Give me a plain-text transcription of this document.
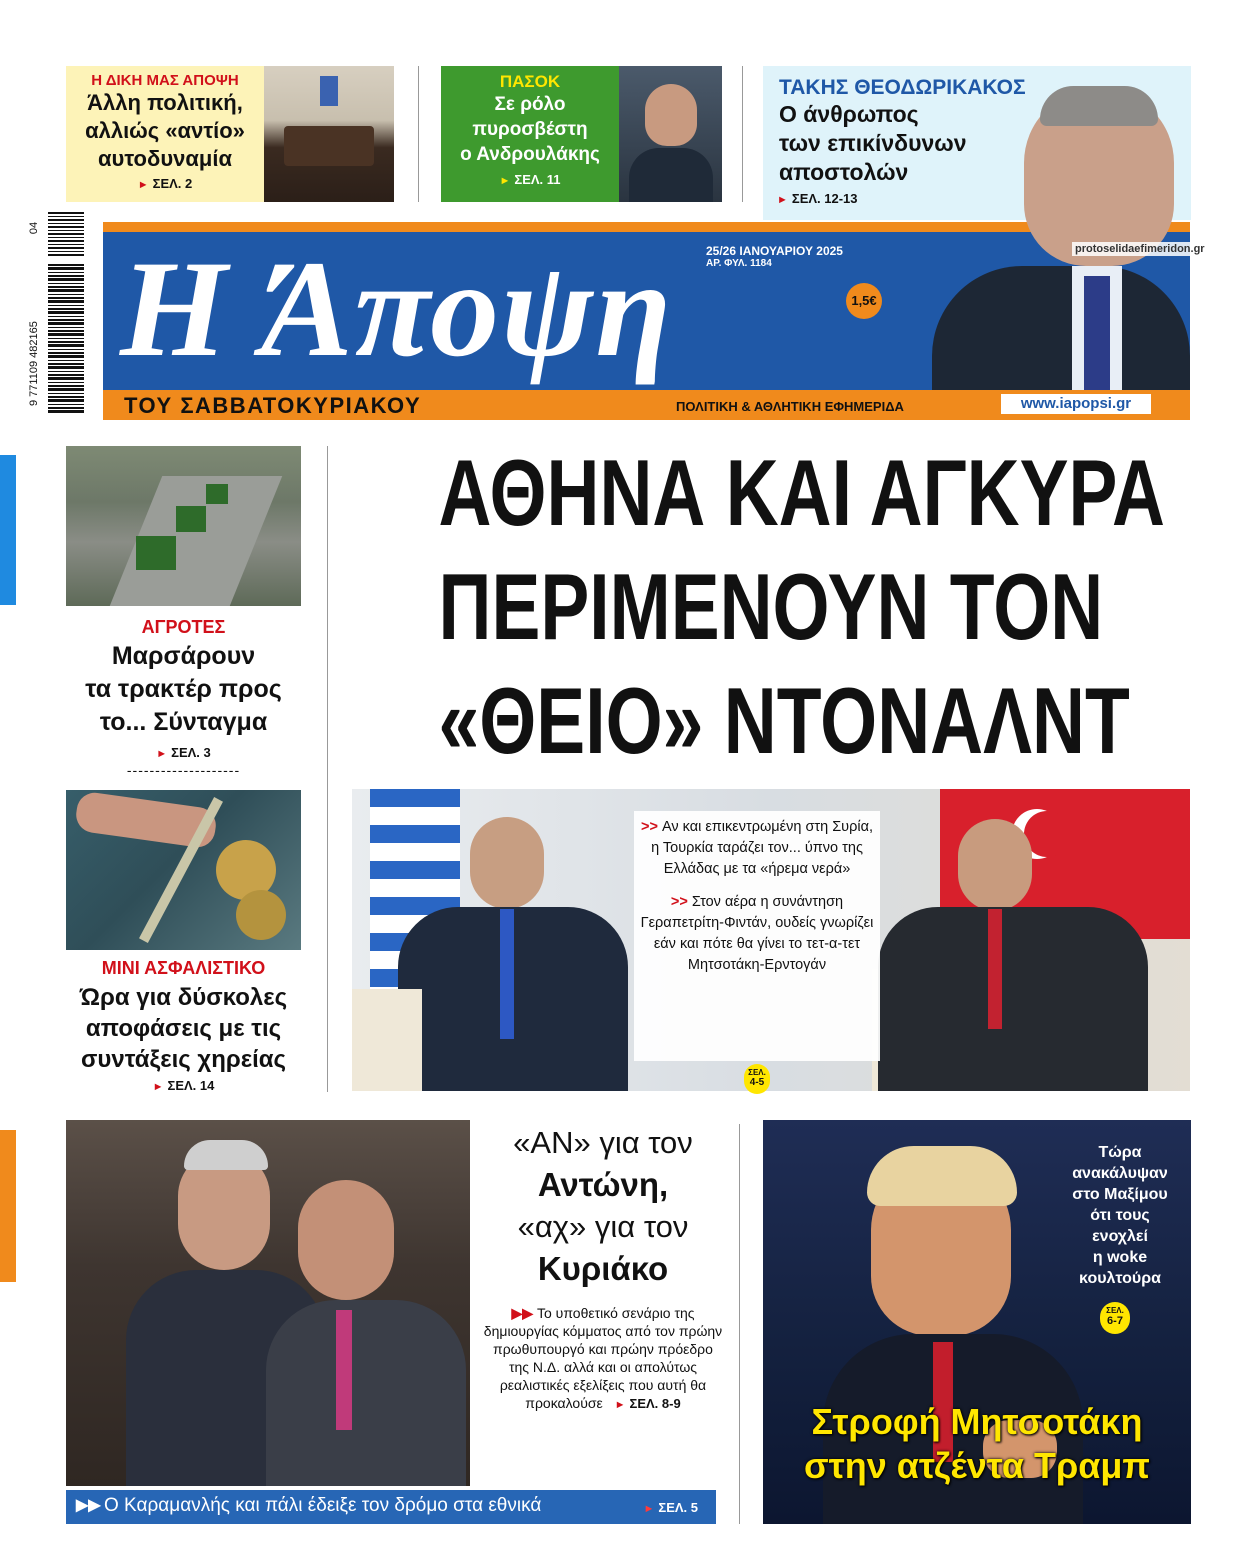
Η ΔΙΚΗ ΜΑΣ ΑΠΟΨΗ
Άλλη πολιτική,
αλλιώς «αντίο»
αυτοδυναμία
► ΣΕΛ. 2
ΠΑΣΟΚ
Σε ρόλο
πυροσβέστη
ο Ανδρουλάκης
► ΣΕΛ. 11
ΤΑΚΗΣ ΘΕΟΔΩΡΙΚΑΚΟΣ
Ο άνθρωπος
των επικίνδυνων
αποστολών
► ΣΕΛ. 12-13
Η Άποψη	25/26 ΙΑΝΟΥΑΡΙΟΥ 2025
ΑΡ. ΦΥΛ. 1184
1,5€
ΤΟΥ ΣΑΒΒΑΤΟΚΥΡΙΑΚΟΥ	ΠΟΛΙΤΙΚΗ & ΑΘΛΗΤΙΚΗ ΕΦΗΜΕΡΙΔΑ	www.iapopsi.gr
protoselidaefimeridon.gr
04
9 771109 482165
ΑΓΡΟΤΕΣ
Μαρσάρουν
τα τρακτέρ προς
το... Σύνταγμα
► ΣΕΛ. 3
--------------------
ΜΙΝΙ ΑΣΦΑΛΙΣΤΙΚΟ
Ώρα για δύσκολες
αποφάσεις με τις
συντάξεις χηρείας
► ΣΕΛ. 14
ΑΘΗΝΑ ΚΑΙ ΑΓΚΥΡΑ
ΠΕΡΙΜΕΝΟΥΝ ΤΟΝ
«ΘΕΙΟ» ΝΤΟΝΑΛΝΤ
>> Αν και επικεντρωμένη στη Συρία, η Τουρκία ταράζει τον... ύπνο της Ελλάδας με τα «ήρεμα νερά»
>> Στον αέρα η συνάντηση Γεραπετρίτη-Φιντάν, ουδείς γνωρίζει εάν και πότε θα γίνει το τετ-α-τετ Μητσοτάκη-Ερντογάν
ΣΕΛ.
4-5
«ΑΝ» για τον
Αντώνη,
«αχ» για τον
Κυριάκο
▶▶ Το υποθετικό σενάριο της δημιουργίας κόμματος από τον πρώην πρωθυπουργό και πρώην πρόεδρο της Ν.Δ. αλλά και οι απολύτως ρεαλιστικές εξελίξεις που αυτή θα προκαλούσε ► ΣΕΛ. 8-9
▶▶ Ο Καραμανλής και πάλι έδειξε τον δρόμο στα εθνικά	► ΣΕΛ. 5
Τώρα
ανακάλυψαν
στο Μαξίμου
ότι τους
ενοχλεί
η woke
κουλτούρα
ΣΕΛ.
6-7
Στροφή Μητσοτάκη
στην ατζέντα Τραμπ
